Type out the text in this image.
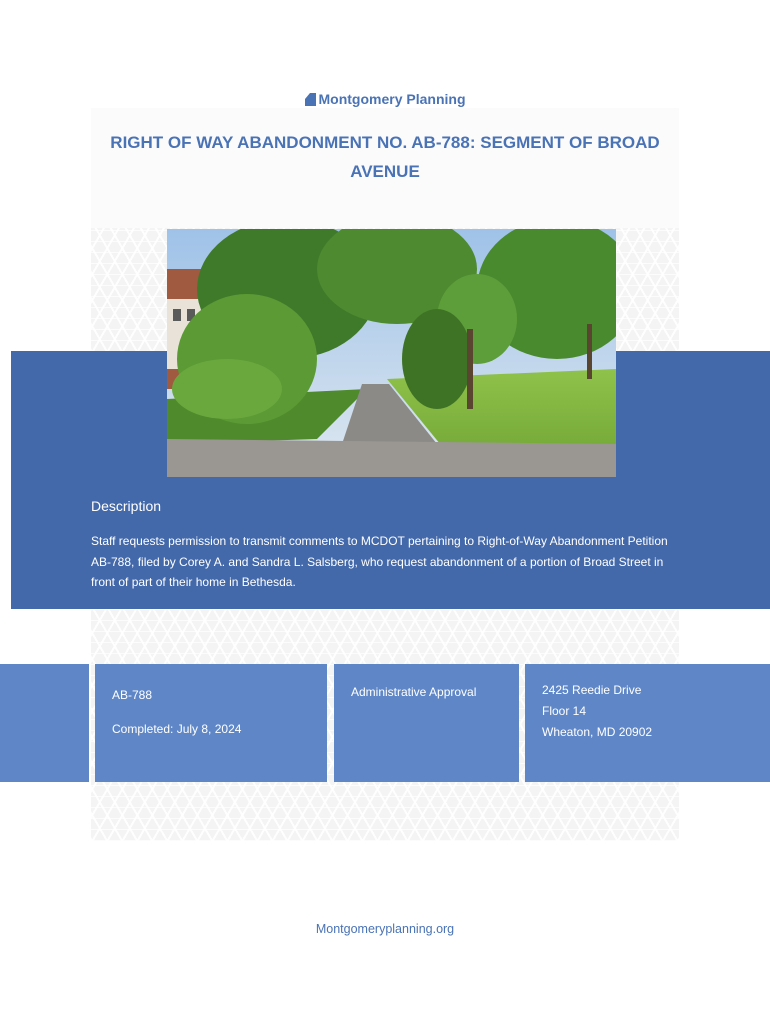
Montgomery Planning
RIGHT OF WAY ABANDONMENT NO. AB-788: SEGMENT OF BROAD AVENUE
Description

Staff requests permission to transmit comments to MCDOT pertaining to Right-of-Way Abandonment Petition AB-788, filed by Corey A. and Sandra L. Salsberg, who request abandonment of a portion of Broad Street in front of part of their home in Bethesda.

AB-788

Completed: July 8, 2024

Administrative Approval	2425 Reedie Drive

Floor 14

Wheaton, MD 20902

Montgomeryplanning.org
